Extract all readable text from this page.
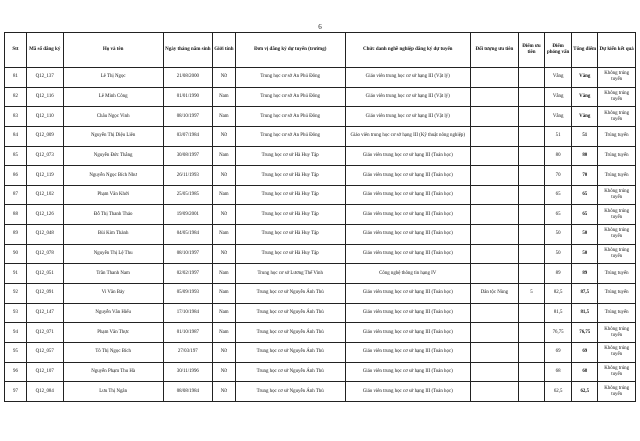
6
Stt	Mã số đăng ký	Họ và tên	Ngày tháng năm sinh	Giới tính	Đơn vị đăng ký dự tuyển (trường)	Chức danh nghề nghiệp đăng ký dự tuyển	Đối tượng ưu tiên	Điểm ưu tiên	Điểm phỏng vấn	Tổng điểm	Dự kiến kết quả
81	Q12_137	Lê Thị Ngọc	21/08/2000	Nữ	Trung học cơ sở An Phú Đông	Giáo viên trung học cơ sở hạng III (Vật lý)			Vắng	Vắng	Không trúng tuyển
82	Q12_116	Lê Minh Công	01/01/1990	Nam	Trung học cơ sở An Phú Đông	Giáo viên trung học cơ sở hạng III (Vật lý)			Vắng	Vắng	Không trúng tuyển
83	Q12_110	Châu Ngọc Vinh	08/10/1997	Nam	Trung học cơ sở An Phú Đông	Giáo viên trung học cơ sở hạng III (Vật lý)			Vắng	Vắng	Không trúng tuyển
84	Q12_009	Nguyễn Thị Diệu Liên	03/07/1984	Nữ	Trung học cơ sở An Phú Đông	Giáo viên trung học cơ sở hạng III (Kỹ thuật nông nghiệp)			51	51	Trúng tuyển
85	Q12_073	Nguyễn Đức Thắng	30/08/1997	Nam	Trung học cơ sở Hà Huy Tập	Giáo viên trung học cơ sở hạng III (Toán học)			80	80	Trúng tuyển
86	Q12_119	Nguyễn Ngọc Bích Như	26/11/1993	Nữ	Trung học cơ sở Hà Huy Tập	Giáo viên trung học cơ sở hạng III (Toán học)			70	70	Trúng tuyển
87	Q12_102	Phạm Văn Khởi	25/05/1985	Nam	Trung học cơ sở Hà Huy Tập	Giáo viên trung học cơ sở hạng III (Toán học)			65	65	Không trúng tuyển
88	Q12_126	Đỗ Thị Thanh Thảo	19/09/2001	Nữ	Trung học cơ sở Hà Huy Tập	Giáo viên trung học cơ sở hạng III (Toán học)			65	65	Không trúng tuyển
89	Q12_048	Bùi Kim Thành	04/05/1984	Nam	Trung học cơ sở Hà Huy Tập	Giáo viên trung học cơ sở hạng III (Toán học)			50	50	Không trúng tuyển
90	Q12_078	Nguyễn Thị Lệ Thu	08/10/1997	Nữ	Trung học cơ sở Hà Huy Tập	Giáo viên trung học cơ sở hạng III (Toán học)			50	50	Không trúng tuyển
91	Q12_051	Trần Thanh Nam	02/02/1997	Nam	Trung học cơ sở Lương Thế Vinh	Công nghệ thông tin hạng IV			89	89	Trúng tuyển
92	Q12_091	Vi Văn Bảy	05/09/1993	Nam	Trung học cơ sở Nguyễn Ánh Thủ	Giáo viên trung học cơ sở hạng III (Toán học)	Dân tộc Nùng	5	82,5	87,5	Trúng tuyển
93	Q12_147	Nguyễn Văn Hiếu	17/10/1984	Nam	Trung học cơ sở Nguyễn Ánh Thủ	Giáo viên trung học cơ sở hạng III (Toán học)			81,5	81,5	Trúng tuyển
94	Q12_071	Phạm Văn Thực	01/10/1987	Nam	Trung học cơ sở Nguyễn Ánh Thủ	Giáo viên trung học cơ sở hạng III (Toán học)			76,75	76,75	Không trúng tuyển
95	Q12_057	Tô Thị Ngọc Bích	27/03/197	Nữ	Trung học cơ sở Nguyễn Ánh Thủ	Giáo viên trung học cơ sở hạng III (Toán học)			69	69	Không trúng tuyển
96	Q12_107	Nguyễn Phạm Thu Hà	30/11/1996	Nữ	Trung học cơ sở Nguyễn Ánh Thủ	Giáo viên trung học cơ sở hạng III (Toán học)			68	68	Không trúng tuyển
97	Q12_084	Lưu Thị Ngân	08/08/1984	Nữ	Trung học cơ sở Nguyễn Ánh Thủ	Giáo viên trung học cơ sở hạng III (Toán học)			62,5	62,5	Không trúng tuyển
